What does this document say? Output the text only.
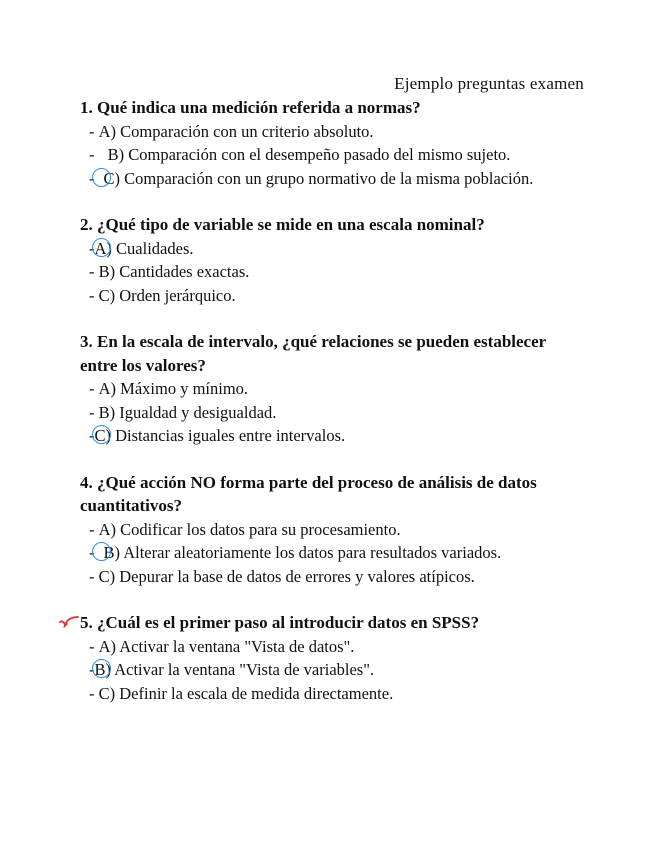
Ejemplo preguntas examen

1. Qué indica una medición referida a normas?

- A) Comparación con un criterio absoluto.

- B) Comparación con el desempeño pasado del mismo sujeto.

- C) Comparación con un grupo normativo de la misma población.

2. ¿Qué tipo de variable se mide en una escala nominal?

-
A) Cualidades.

- B) Cantidades exactas.

- C) Orden jerárquico.

3. En la escala de intervalo, ¿qué relaciones se pueden establecer entre los valores?

- A) Máximo y mínimo.

- B) Igualdad y desigualdad.

-
C) Distancias iguales entre intervalos.

4. ¿Qué acción NO forma parte del proceso de análisis de datos cuantitativos?

- A) Codificar los datos para su procesamiento.

- B) Alterar aleatoriamente los datos para resultados variados.

- C) Depurar la base de datos de errores y valores atípicos.

5. ¿Cuál es el primer paso al introducir datos en SPSS?

- A) Activar la ventana "Vista de datos".

-
B) Activar la ventana "Vista de variables".

- C) Definir la escala de medida directamente.
